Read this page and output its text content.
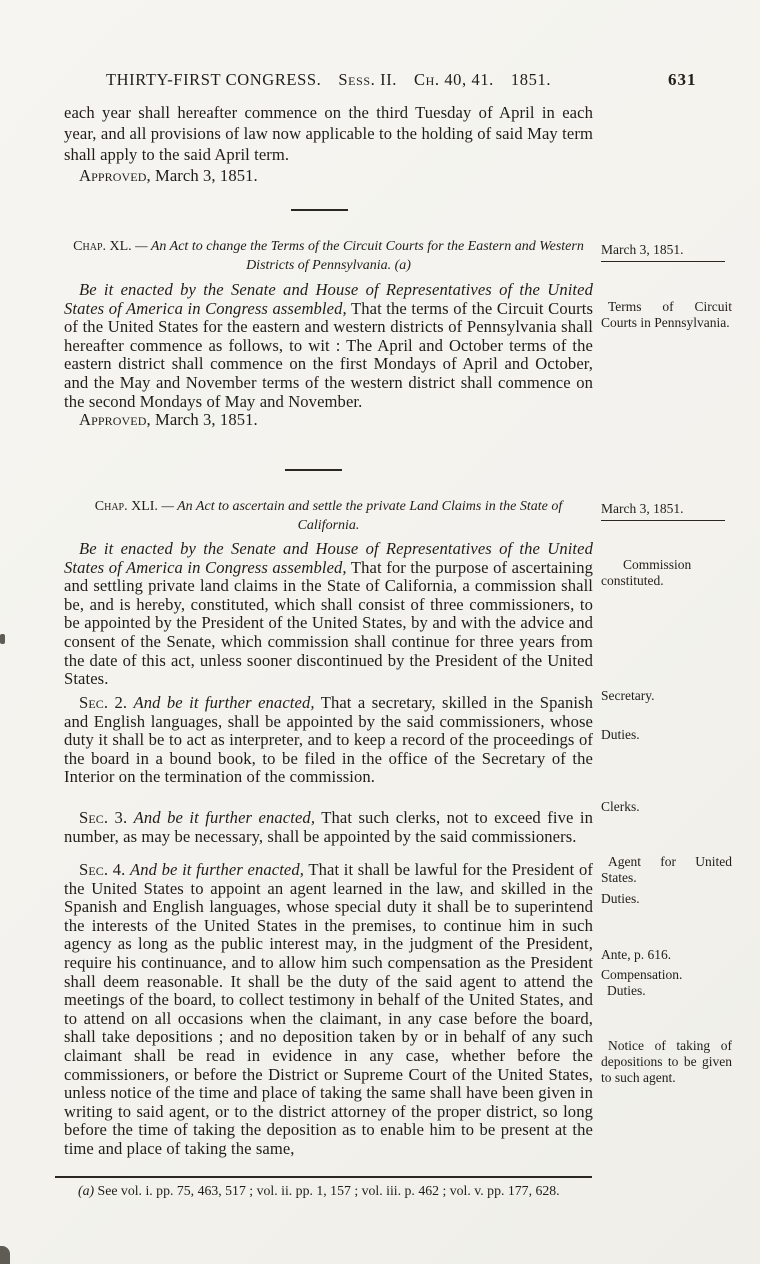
THIRTY-FIRST CONGRESS. Sess. II. Ch. 40, 41. 1851.	631

each year shall hereafter commence on the third Tuesday of April in each year, and all provisions of law now applicable to the holding of said May term shall apply to the said April term.

Approved, March 3, 1851.

Chap. XL. — An Act to change the Terms of the Circuit Courts for the Eastern and Western Districts of Pennsylvania. (a)

Be it enacted by the Senate and House of Representatives of the United States of America in Congress assembled, That the terms of the Circuit Courts of the United States for the eastern and western districts of Pennsylvania shall hereafter commence as follows, to wit : The April and October terms of the eastern district shall commence on the first Mondays of April and October, and the May and November terms of the western district shall commence on the second Mondays of May and November.

Approved, March 3, 1851.

Chap. XLI. — An Act to ascertain and settle the private Land Claims in the State of California.

Be it enacted by the Senate and House of Representatives of the United States of America in Congress assembled, That for the purpose of ascertaining and settling private land claims in the State of California, a commission shall be, and is hereby, constituted, which shall consist of three commissioners, to be appointed by the President of the United States, by and with the advice and consent of the Senate, which commission shall continue for three years from the date of this act, unless sooner discontinued by the President of the United States.

Sec. 2. And be it further enacted, That a secretary, skilled in the Spanish and English languages, shall be appointed by the said commissioners, whose duty it shall be to act as interpreter, and to keep a record of the proceedings of the board in a bound book, to be filed in the office of the Secretary of the Interior on the termination of the commission.

Sec. 3. And be it further enacted, That such clerks, not to exceed five in number, as may be necessary, shall be appointed by the said commissioners.

Sec. 4. And be it further enacted, That it shall be lawful for the President of the United States to appoint an agent learned in the law, and skilled in the Spanish and English languages, whose special duty it shall be to superintend the interests of the United States in the premises, to continue him in such agency as long as the public interest may, in the judgment of the President, require his continuance, and to allow him such compensation as the President shall deem reasonable. It shall be the duty of the said agent to attend the meetings of the board, to collect testimony in behalf of the United States, and to attend on all occasions when the claimant, in any case before the board, shall take depositions ; and no deposition taken by or in behalf of any such claimant shall be read in evidence in any case, whether before the commissioners, or before the District or Supreme Court of the United States, unless notice of the time and place of taking the same shall have been given in writing to said agent, or to the district attorney of the proper district, so long before the time of taking the deposition as to enable him to be present at the time and place of taking the same,

March 3, 1851.
Terms of Circuit Courts in Pennsylvania.
March 3, 1851.
Commission constituted.
Secretary.
Duties.
Clerks.
Agent for United States.
Duties.
Ante, p. 616.
Compensation.
Duties.
Notice of taking of depositions to be given to such agent.
(a) See vol. i. pp. 75, 463, 517 ; vol. ii. pp. 1, 157 ; vol. iii. p. 462 ; vol. v. pp. 177, 628.
